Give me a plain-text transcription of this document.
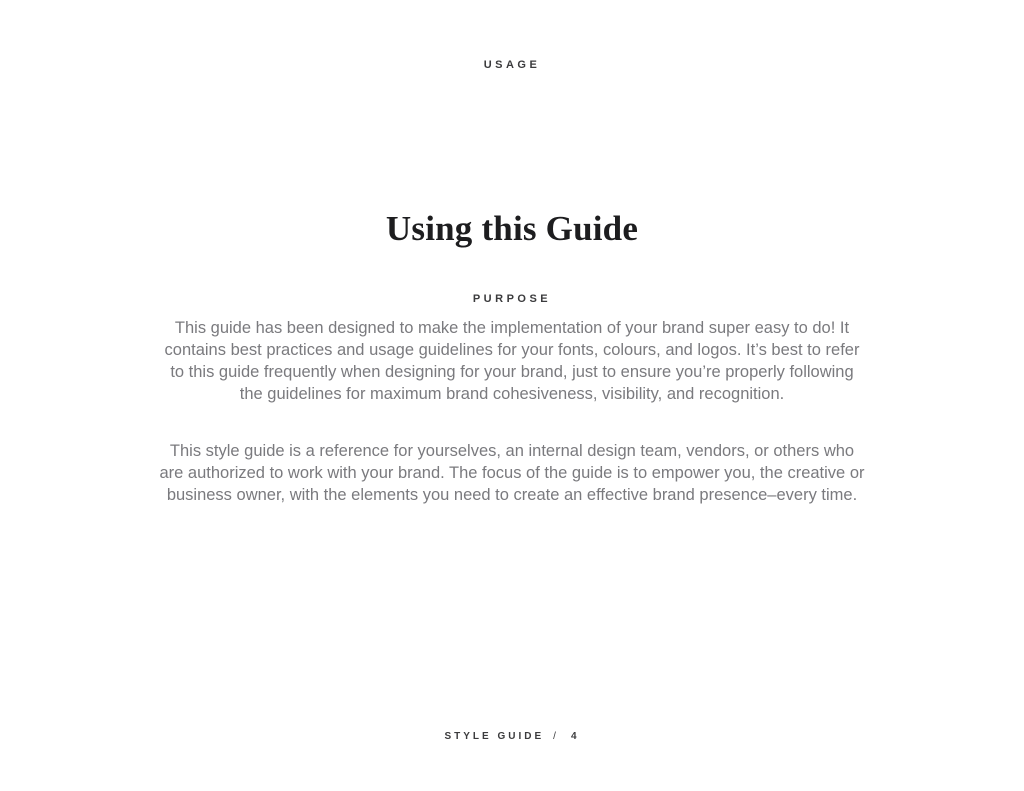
USAGE
Using this Guide
PURPOSE

This guide has been designed to make the implementation of your brand super easy to do! It contains best practices and usage guidelines for your fonts, colours, and logos. It’s best to refer to this guide frequently when designing for your brand, just to ensure you’re properly following the guidelines for maximum brand cohesiveness, visibility, and recognition.

This style guide is a reference for yourselves, an internal design team, vendors, or others who are authorized to work with your brand. The focus of the guide is to empower you, the creative or business owner, with the elements you need to create an effective brand presence–every time.

STYLE GUIDE / 4
